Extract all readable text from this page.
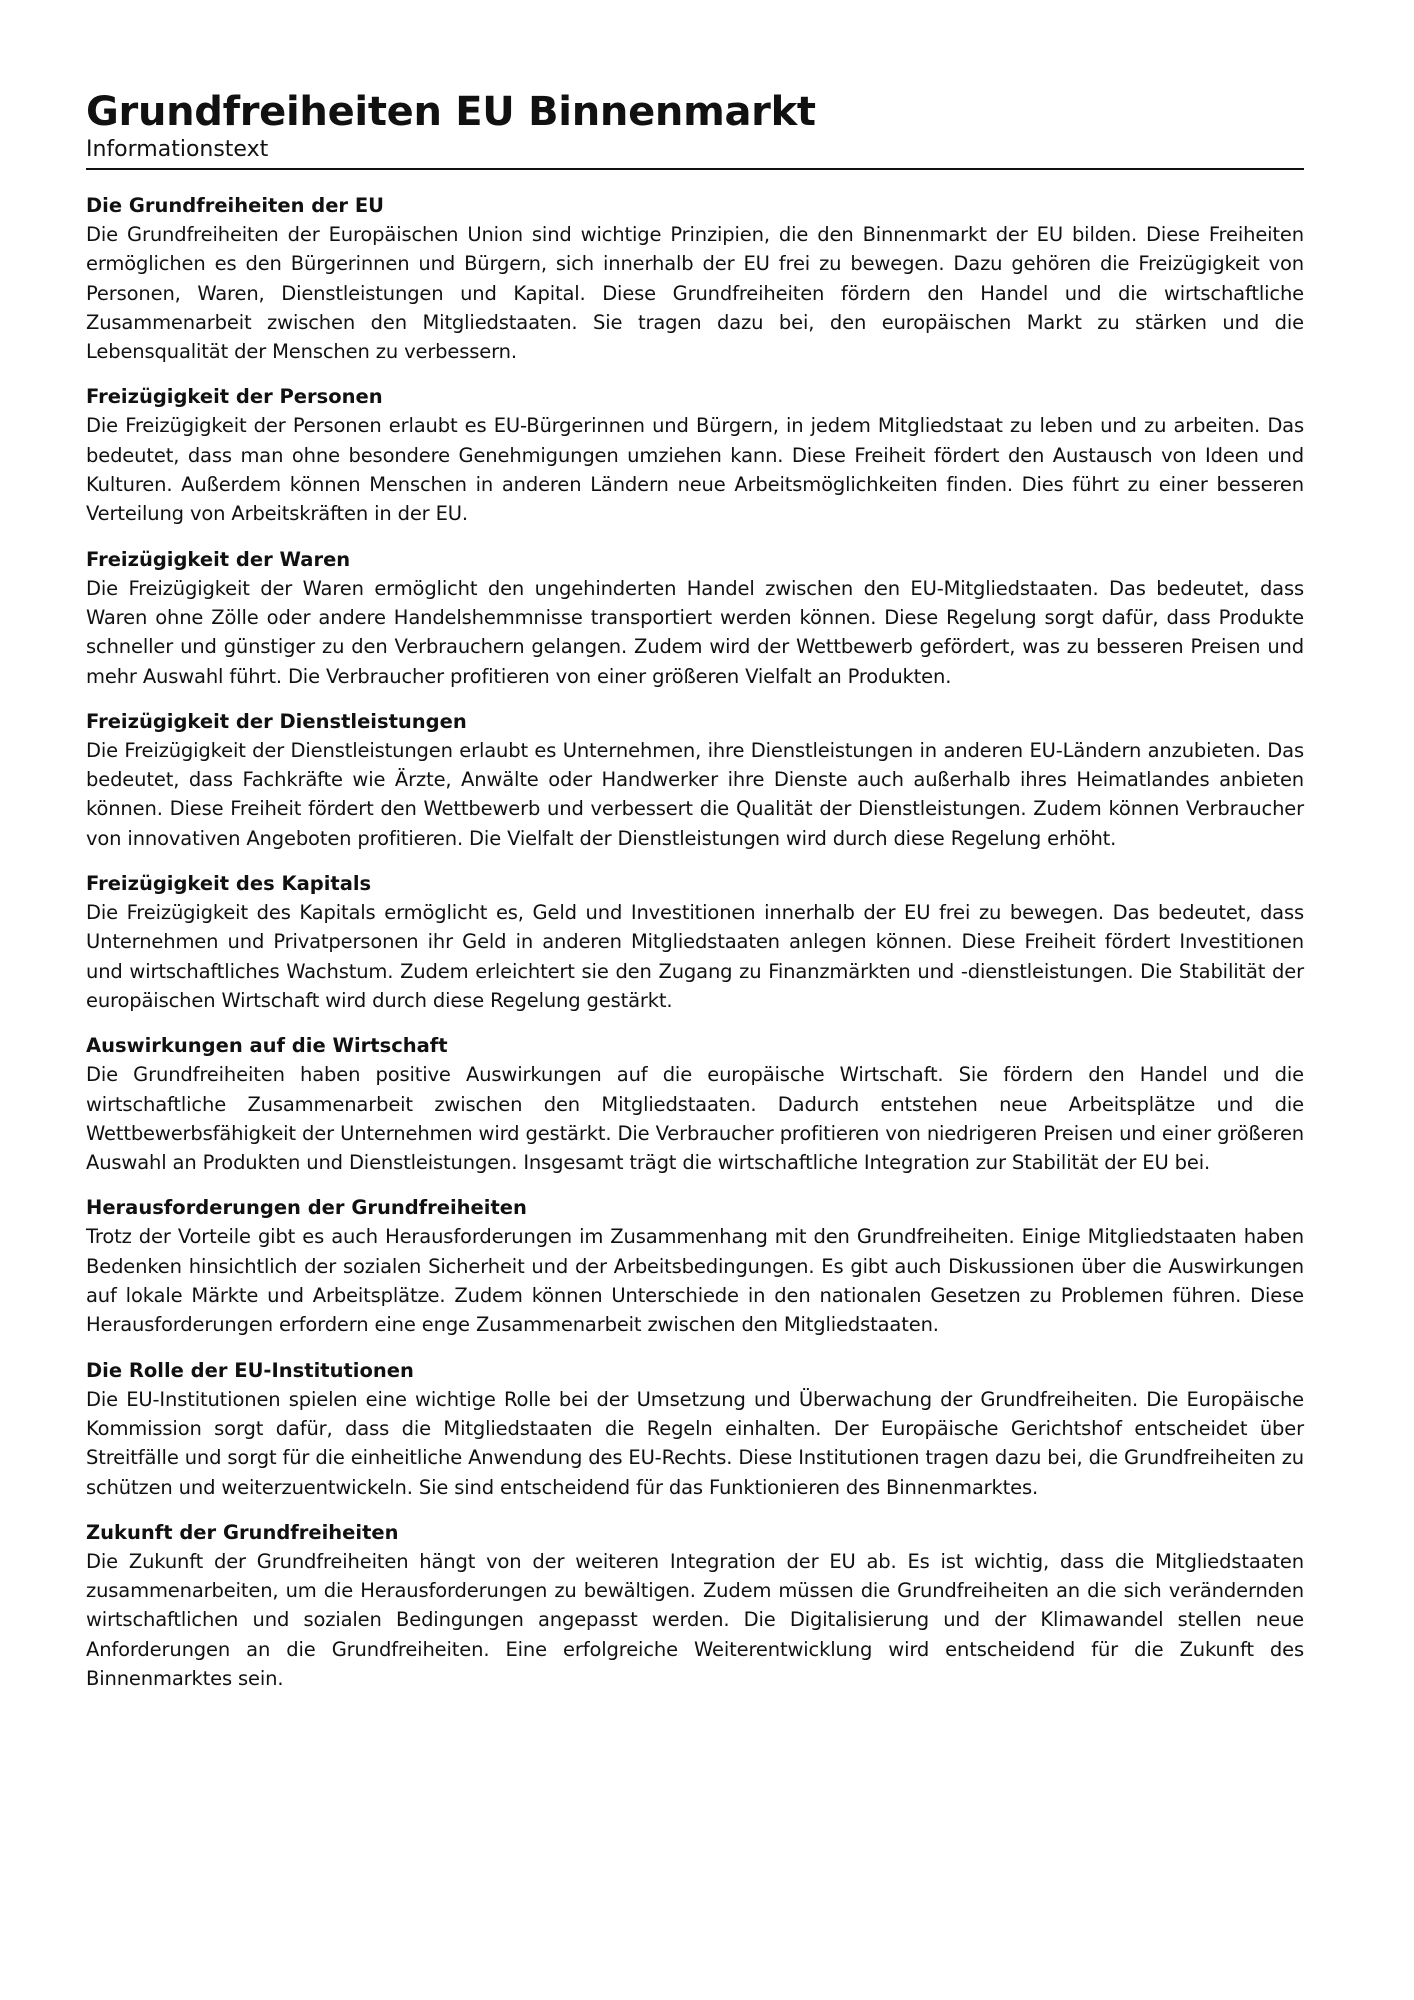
Grundfreiheiten EU Binnenmarkt

Informationstext

Die Grundfreiheiten der EU

Die Grundfreiheiten der Europäischen Union sind wichtige Prinzipien, die den Binnenmarkt der EU bilden. Diese Freiheiten ermöglichen es den Bürgerinnen und Bürgern, sich innerhalb der EU frei zu bewegen. Dazu gehören die Freizügigkeit von Personen, Waren, Dienstleistungen und Kapital. Diese Grundfreiheiten fördern den Handel und die wirtschaftliche Zusammenarbeit zwischen den Mitgliedstaaten. Sie tragen dazu bei, den europäischen Markt zu stärken und die Lebensqualität der Menschen zu verbessern.

Freizügigkeit der Personen

Die Freizügigkeit der Personen erlaubt es EU-Bürgerinnen und Bürgern, in jedem Mitgliedstaat zu leben und zu arbeiten. Das bedeutet, dass man ohne besondere Genehmigungen umziehen kann. Diese Freiheit fördert den Austausch von Ideen und Kulturen. Außerdem können Menschen in anderen Ländern neue Arbeitsmöglichkeiten finden. Dies führt zu einer besseren Verteilung von Arbeitskräften in der EU.

Freizügigkeit der Waren

Die Freizügigkeit der Waren ermöglicht den ungehinderten Handel zwischen den EU-Mitgliedstaaten. Das bedeutet, dass Waren ohne Zölle oder andere Handelshemmnisse transportiert werden können. Diese Regelung sorgt dafür, dass Produkte schneller und günstiger zu den Verbrauchern gelangen. Zudem wird der Wettbewerb gefördert, was zu besseren Preisen und mehr Auswahl führt. Die Verbraucher profitieren von einer größeren Vielfalt an Produkten.

Freizügigkeit der Dienstleistungen

Die Freizügigkeit der Dienstleistungen erlaubt es Unternehmen, ihre Dienstleistungen in anderen EU-Ländern anzubieten. Das bedeutet, dass Fachkräfte wie Ärzte, Anwälte oder Handwerker ihre Dienste auch außerhalb ihres Heimatlandes anbieten können. Diese Freiheit fördert den Wettbewerb und verbessert die Qualität der Dienstleistungen. Zudem können Verbraucher von innovativen Angeboten profitieren. Die Vielfalt der Dienstleistungen wird durch diese Regelung erhöht.

Freizügigkeit des Kapitals

Die Freizügigkeit des Kapitals ermöglicht es, Geld und Investitionen innerhalb der EU frei zu bewegen. Das bedeutet, dass Unternehmen und Privatpersonen ihr Geld in anderen Mitgliedstaaten anlegen können. Diese Freiheit fördert Investitionen und wirtschaftliches Wachstum. Zudem erleichtert sie den Zugang zu Finanzmärkten und -dienstleistungen. Die Stabilität der europäischen Wirtschaft wird durch diese Regelung gestärkt.

Auswirkungen auf die Wirtschaft

Die Grundfreiheiten haben positive Auswirkungen auf die europäische Wirtschaft. Sie fördern den Handel und die wirtschaftliche Zusammenarbeit zwischen den Mitgliedstaaten. Dadurch entstehen neue Arbeitsplätze und die Wettbewerbsfähigkeit der Unternehmen wird gestärkt. Die Verbraucher profitieren von niedrigeren Preisen und einer größeren Auswahl an Produkten und Dienstleistungen. Insgesamt trägt die wirtschaftliche Integration zur Stabilität der EU bei.

Herausforderungen der Grundfreiheiten

Trotz der Vorteile gibt es auch Herausforderungen im Zusammenhang mit den Grundfreiheiten. Einige Mitgliedstaaten haben Bedenken hinsichtlich der sozialen Sicherheit und der Arbeitsbedingungen. Es gibt auch Diskussionen über die Auswirkungen auf lokale Märkte und Arbeitsplätze. Zudem können Unterschiede in den nationalen Gesetzen zu Problemen führen. Diese Herausforderungen erfordern eine enge Zusammenarbeit zwischen den Mitgliedstaaten.

Die Rolle der EU-Institutionen

Die EU-Institutionen spielen eine wichtige Rolle bei der Umsetzung und Überwachung der Grundfreiheiten. Die Europäische Kommission sorgt dafür, dass die Mitgliedstaaten die Regeln einhalten. Der Europäische Gerichtshof entscheidet über Streitfälle und sorgt für die einheitliche Anwendung des EU-Rechts. Diese Institutionen tragen dazu bei, die Grundfreiheiten zu schützen und weiterzuentwickeln. Sie sind entscheidend für das Funktionieren des Binnenmarktes.

Zukunft der Grundfreiheiten

Die Zukunft der Grundfreiheiten hängt von der weiteren Integration der EU ab. Es ist wichtig, dass die Mitgliedstaaten zusammenarbeiten, um die Herausforderungen zu bewältigen. Zudem müssen die Grundfreiheiten an die sich verändernden wirtschaftlichen und sozialen Bedingungen angepasst werden. Die Digitalisierung und der Klimawandel stellen neue Anforderungen an die Grundfreiheiten. Eine erfolgreiche Weiterentwicklung wird entscheidend für die Zukunft des Binnenmarktes sein.
